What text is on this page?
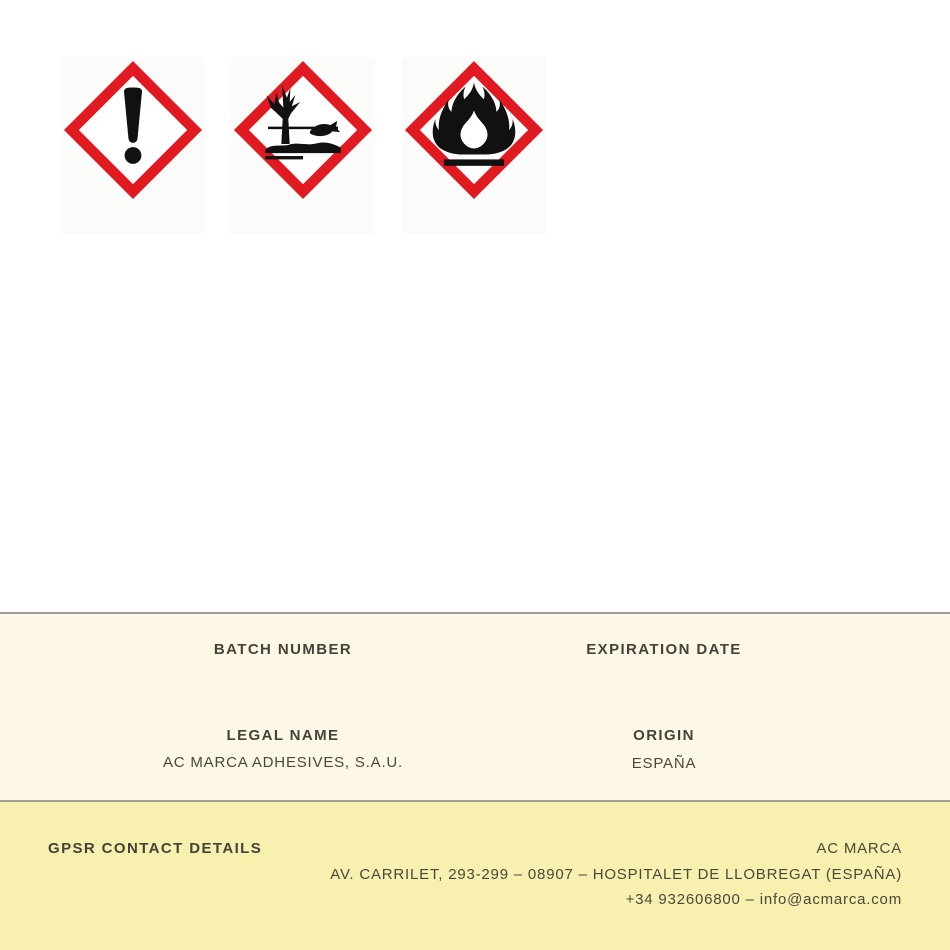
BATCH NUMBER	EXPIRATION DATE
LEGAL NAME
AC MARCA ADHESIVES, S.A.U.
ORIGIN
ESPAÑA
GPSR CONTACT DETAILS	AC MARCA
AV. CARRILET, 293-299 – 08907 – HOSPITALET DE LLOBREGAT (ESPAÑA)
+34 932606800 – info@acmarca.com
